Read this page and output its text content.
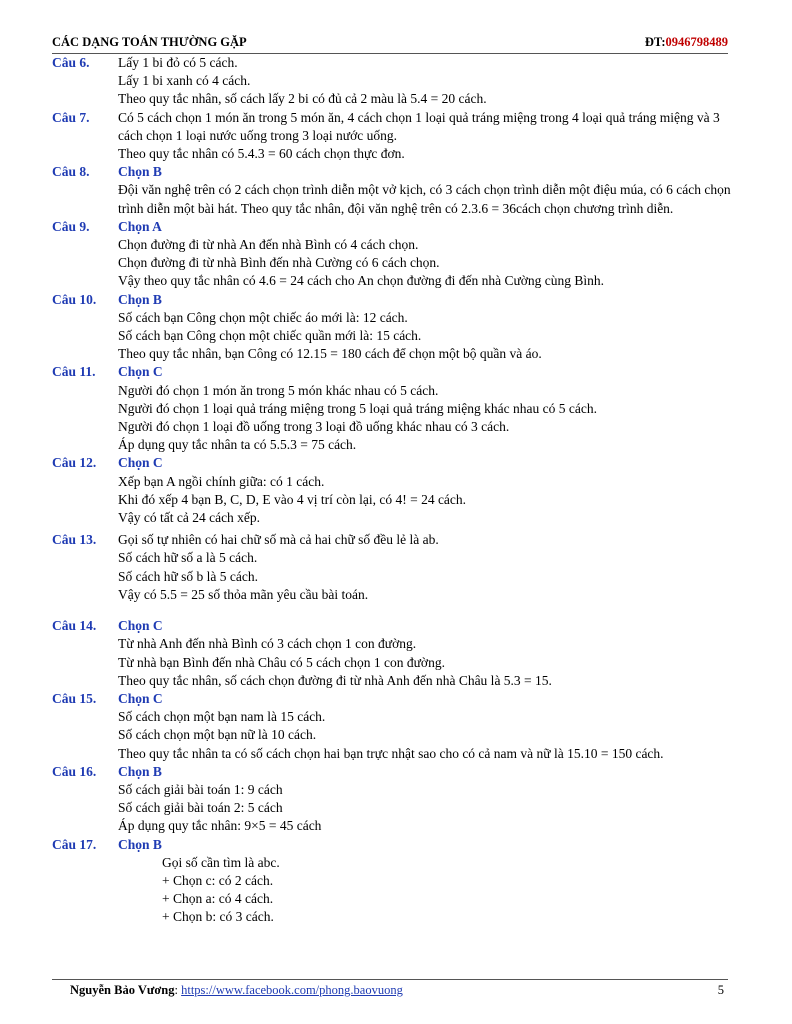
CÁC DẠNG TOÁN THƯỜNG GẶP	ĐT:0946798489
Câu 6. Lấy 1 bi đỏ có 5 cách.
Lấy 1 bi xanh có 4 cách.
Theo quy tắc nhân, số cách lấy 2 bi có đủ cả 2 màu là 5.4 = 20 cách.
Câu 7. Có 5 cách chọn 1 món ăn trong 5 món ăn, 4 cách chọn 1 loại quả tráng miệng trong 4 loại quả tráng miệng và 3 cách chọn 1 loại nước uống trong 3 loại nước uống.
Theo quy tắc nhân có 5.4.3 = 60 cách chọn thực đơn.
Câu 8. Chọn B
Đội văn nghệ trên có 2 cách chọn trình diễn một vở kịch, có 3 cách chọn trình diễn một điệu múa, có 6 cách chọn trình diễn một bài hát. Theo quy tắc nhân, đội văn nghệ trên có 2.3.6 = 36cách chọn chương trình diễn.
Câu 9. Chọn A
Chọn đường đi từ nhà An đến nhà Bình có 4 cách chọn.
Chọn đường đi từ nhà Bình đến nhà Cường có 6 cách chọn.
Vậy theo quy tắc nhân có 4.6 = 24 cách cho An chọn đường đi đến nhà Cường cùng Bình.
Câu 10. Chọn B
Số cách bạn Công chọn một chiếc áo mới là: 12 cách.
Số cách bạn Công chọn một chiếc quần mới là: 15 cách.
Theo quy tắc nhân, bạn Công có 12.15 = 180 cách để chọn một bộ quần và áo.
Câu 11. Chọn C
Người đó chọn 1 món ăn trong 5 món khác nhau có 5 cách.
Người đó chọn 1 loại quả tráng miệng trong 5 loại quả tráng miệng khác nhau có 5 cách.
Người đó chọn 1 loại đồ uống trong 3 loại đồ uống khác nhau có 3 cách.
Áp dụng quy tắc nhân ta có 5.5.3 = 75 cách.
Câu 12. Chọn C
Xếp bạn A ngồi chính giữa: có 1 cách.
Khi đó xếp 4 bạn B, C, D, E vào 4 vị trí còn lại, có 4! = 24 cách.
Vậy có tất cả 24 cách xếp.
Câu 13. Gọi số tự nhiên có hai chữ số mà cả hai chữ số đều lẻ là ab.
Số cách hữ số a là 5 cách.
Số cách hữ số b là 5 cách.
Vậy có 5.5 = 25 số thỏa mãn yêu cầu bài toán.
Câu 14. Chọn C
Từ nhà Anh đến nhà Bình có 3 cách chọn 1 con đường.
Từ nhà bạn Bình đến nhà Châu có 5 cách chọn 1 con đường.
Theo quy tắc nhân, số cách chọn đường đi từ nhà Anh đến nhà Châu là 5.3 = 15.
Câu 15. Chọn C
Số cách chọn một bạn nam là 15 cách.
Số cách chọn một bạn nữ là 10 cách.
Theo quy tắc nhân ta có số cách chọn hai bạn trực nhật sao cho có cả nam và nữ là 15.10 = 150 cách.
Câu 16. Chọn B
Số cách giải bài toán 1: 9 cách
Số cách giải bài toán 2: 5 cách
Áp dụng quy tắc nhân: 9×5 = 45 cách
Câu 17. Chọn B
Gọi số cần tìm là abc.
+ Chọn c: có 2 cách.
+ Chọn a: có 4 cách.
+ Chọn b: có 3 cách.
Nguyễn Bảo Vương: https://www.facebook.com/phong.baovuong	5
